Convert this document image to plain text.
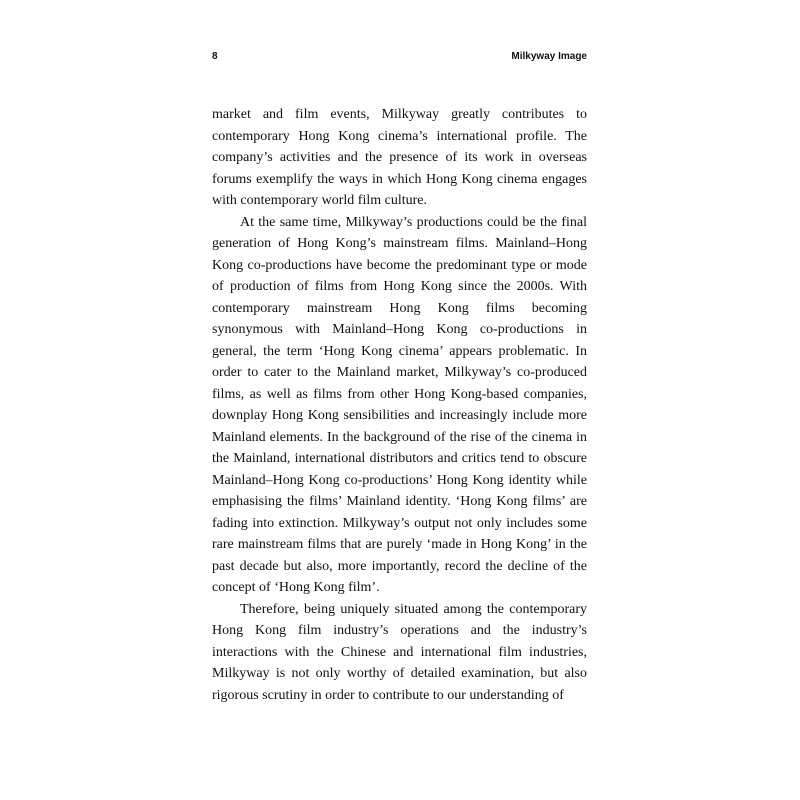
8	Milkyway Image

market and film events, Milkyway greatly contributes to contemporary Hong Kong cinema’s international profile. The company’s activities and the presence of its work in overseas forums exemplify the ways in which Hong Kong cinema engages with contemporary world film culture.

At the same time, Milkyway’s productions could be the final generation of Hong Kong’s mainstream films. Mainland–Hong Kong co-productions have become the predominant type or mode of production of films from Hong Kong since the 2000s. With contemporary mainstream Hong Kong films becoming synonymous with Mainland–Hong Kong co-productions in general, the term ‘Hong Kong cinema’ appears problematic. In order to cater to the Mainland market, Milkyway’s co-produced films, as well as films from other Hong Kong-based companies, downplay Hong Kong sensibilities and increasingly include more Mainland elements. In the background of the rise of the cinema in the Mainland, international distributors and critics tend to obscure Mainland–Hong Kong co-productions’ Hong Kong identity while emphasising the films’ Mainland identity. ‘Hong Kong films’ are fading into extinction. Milkyway’s output not only includes some rare mainstream films that are purely ‘made in Hong Kong’ in the past decade but also, more importantly, record the decline of the concept of ‘Hong Kong film’.

Therefore, being uniquely situated among the contemporary Hong Kong film industry’s operations and the industry’s interactions with the Chinese and international film industries, Milkyway is not only worthy of detailed examination, but also rigorous scrutiny in order to contribute to our understanding of
